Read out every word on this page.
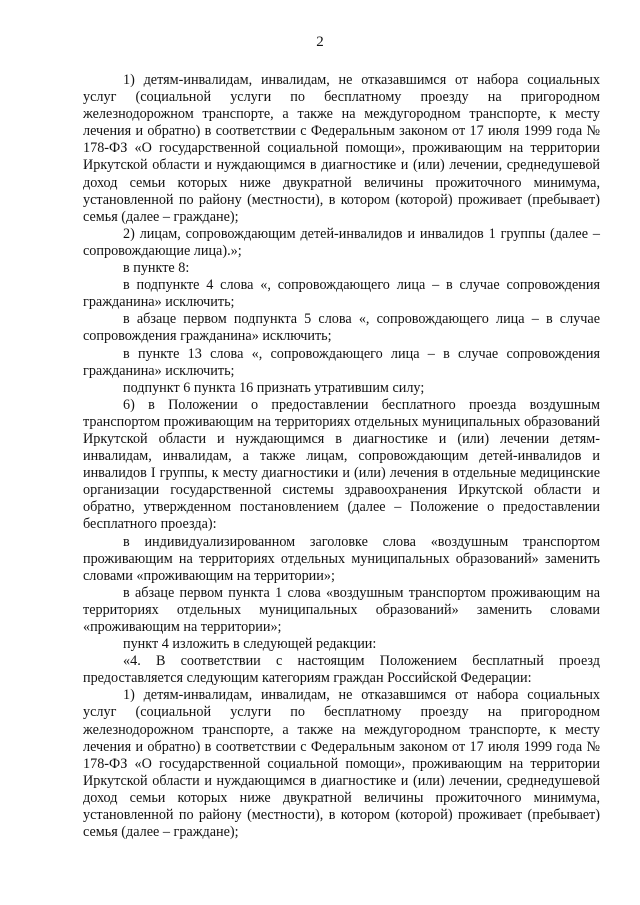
2

1) детям-инвалидам, инвалидам, не отказавшимся от набора социальных услуг (социальной услуги по бесплатному проезду на пригородном железнодорожном транспорте, а также на междугородном транспорте, к месту лечения и обратно) в соответствии с Федеральным законом от 17 июля 1999 года № 178-ФЗ «О государственной социальной помощи», проживающим на территории Иркутской области и нуждающимся в диагностике и (или) лечении, среднедушевой доход семьи которых ниже двукратной величины прожиточного минимума, установленной по району (местности), в котором (которой) проживает (пребывает) семья (далее – граждане);

2) лицам, сопровождающим детей-инвалидов и инвалидов 1 группы (далее – сопровождающие лица).»;

в пункте 8:

в подпункте 4 слова «, сопровождающего лица – в случае сопровождения гражданина» исключить;

в абзаце первом подпункта 5 слова «, сопровождающего лица – в случае сопровождения гражданина» исключить;

в пункте 13 слова «, сопровождающего лица – в случае сопровождения гражданина» исключить;

подпункт 6 пункта 16 признать утратившим силу;

6) в Положении о предоставлении бесплатного проезда воздушным транспортом проживающим на территориях отдельных муниципальных образований Иркутской области и нуждающимся в диагностике и (или) лечении детям-инвалидам, инвалидам, а также лицам, сопровождающим детей-инвалидов и инвалидов I группы, к месту диагностики и (или) лечения в отдельные медицинские организации государственной системы здравоохранения Иркутской области и обратно, утвержденном постановлением (далее – Положение о предоставлении бесплатного проезда):

в индивидуализированном заголовке слова «воздушным транспортом проживающим на территориях отдельных муниципальных образований» заменить словами «проживающим на территории»;

в абзаце первом пункта 1 слова «воздушным транспортом проживающим на территориях отдельных муниципальных образований» заменить словами «проживающим на территории»;

пункт 4 изложить в следующей редакции:

«4. В соответствии с настоящим Положением бесплатный проезд предоставляется следующим категориям граждан Российской Федерации:

1) детям-инвалидам, инвалидам, не отказавшимся от набора социальных услуг (социальной услуги по бесплатному проезду на пригородном железнодорожном транспорте, а также на междугородном транспорте, к месту лечения и обратно) в соответствии с Федеральным законом от 17 июля 1999 года № 178-ФЗ «О государственной социальной помощи», проживающим на территории Иркутской области и нуждающимся в диагностике и (или) лечении, среднедушевой доход семьи которых ниже двукратной величины прожиточного минимума, установленной по району (местности), в котором (которой) проживает (пребывает) семья (далее – граждане);
